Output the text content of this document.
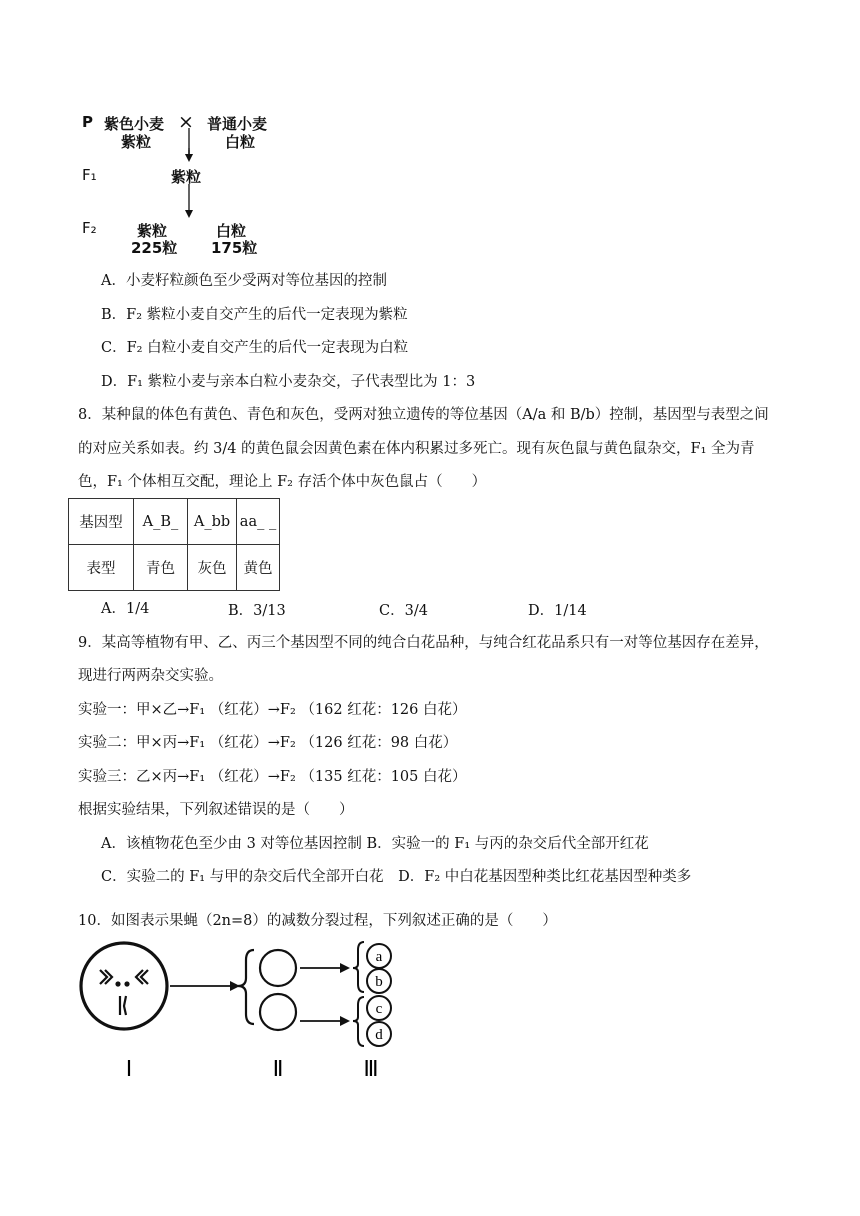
P 紫色小麦
紫粒
× 普通小麦
白粒
F₁	紫粒
F₂	紫粒
225粒
白粒
175粒
A．小麦籽粒颜色至少受两对等位基因的控制
B．F₂ 紫粒小麦自交产生的后代一定表现为紫粒
C．F₂ 白粒小麦自交产生的后代一定表现为白粒
D．F₁ 紫粒小麦与亲本白粒小麦杂交，子代表型比为 1：3
8．某种鼠的体色有黄色、青色和灰色，受两对独立遗传的等位基因（A/a 和 B/b）控制，基因型与表型之间
的对应关系如表。约 3/4 的黄色鼠会因黄色素在体内积累过多死亡。现有灰色鼠与黄色鼠杂交，F₁ 全为青
色，F₁ 个体相互交配，理论上 F₂ 存活个体中灰色鼠占（　　）
基因型	A_B_	A_bb	aa_ _
表型	青色	灰色	黄色
A．1/4	B．3/13	C．3/4	D．1/14
9．某高等植物有甲、乙、丙三个基因型不同的纯合白花品种，与纯合红花品系只有一对等位基因存在差异，
现进行两两杂交实验。
实验一：甲×乙→F₁ （红花）→F₂ （162 红花：126 白花）
实验二：甲×丙→F₁ （红花）→F₂ （126 红花：98 白花）
实验三：乙×丙→F₁ （红花）→F₂ （135 红花：105 白花）
根据实验结果，下列叙述错误的是（　　）
A．该植物花色至少由 3 对等位基因控制 B．实验一的 F₁ 与丙的杂交后代全部开红花
C．实验二的 F₁ 与甲的杂交后代全部开白花　D．F₂ 中白花基因型种类比红花基因型种类多
10．如图表示果蝇（2n=8）的减数分裂过程，下列叙述正确的是（　　）
a
b
c
d
Ⅰ	Ⅱ	Ⅲ
